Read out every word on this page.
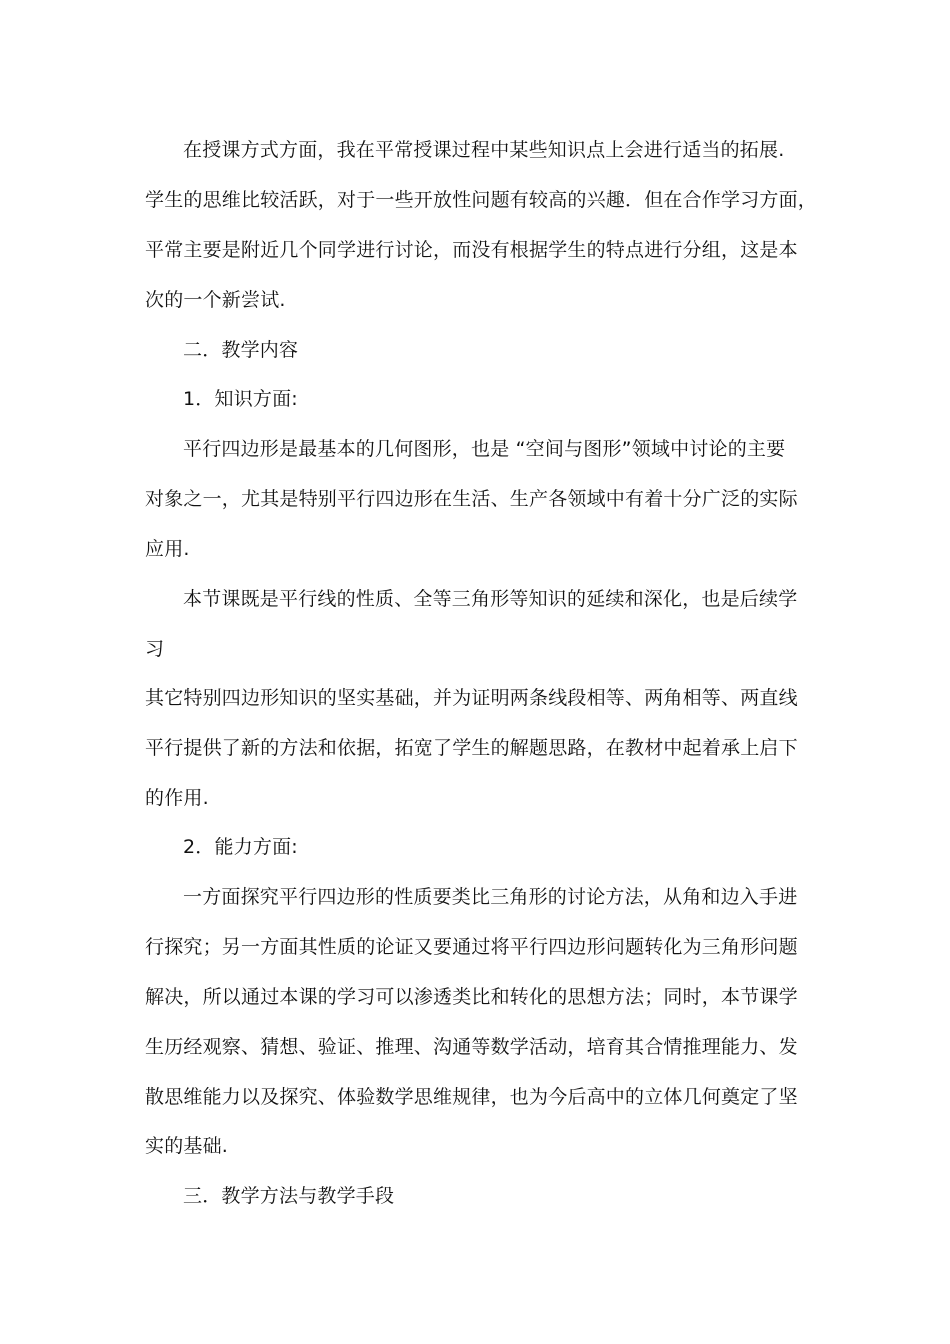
在授课方式方面，我在平常授课过程中某些知识点上会进行适当的拓展.
学生的思维比较活跃，对于一些开放性问题有较高的兴趣．但在合作学习方面，
平常主要是附近几个同学进行讨论，而没有根据学生的特点进行分组，这是本
次的一个新尝试.
二．教学内容
1．知识方面:
平行四边形是最基本的几何图形，也是 “空间与图形”领域中讨论的主要
对象之一，尤其是特别平行四边形在生活、生产各领域中有着十分广泛的实际
应用.
本节课既是平行线的性质、全等三角形等知识的延续和深化，也是后续学
习
其它特别四边形知识的坚实基础，并为证明两条线段相等、两角相等、两直线
平行提供了新的方法和依据，拓宽了学生的解题思路，在教材中起着承上启下
的作用.
2．能力方面:
一方面探究平行四边形的性质要类比三角形的讨论方法，从角和边入手进
行探究；另一方面其性质的论证又要通过将平行四边形问题转化为三角形问题
解决，所以通过本课的学习可以渗透类比和转化的思想方法；同时，本节课学
生历经观察、猜想、验证、推理、沟通等数学活动，培育其合情推理能力、发
散思维能力以及探究、体验数学思维规律，也为今后高中的立体几何奠定了坚
实的基础.
三．教学方法与教学手段
